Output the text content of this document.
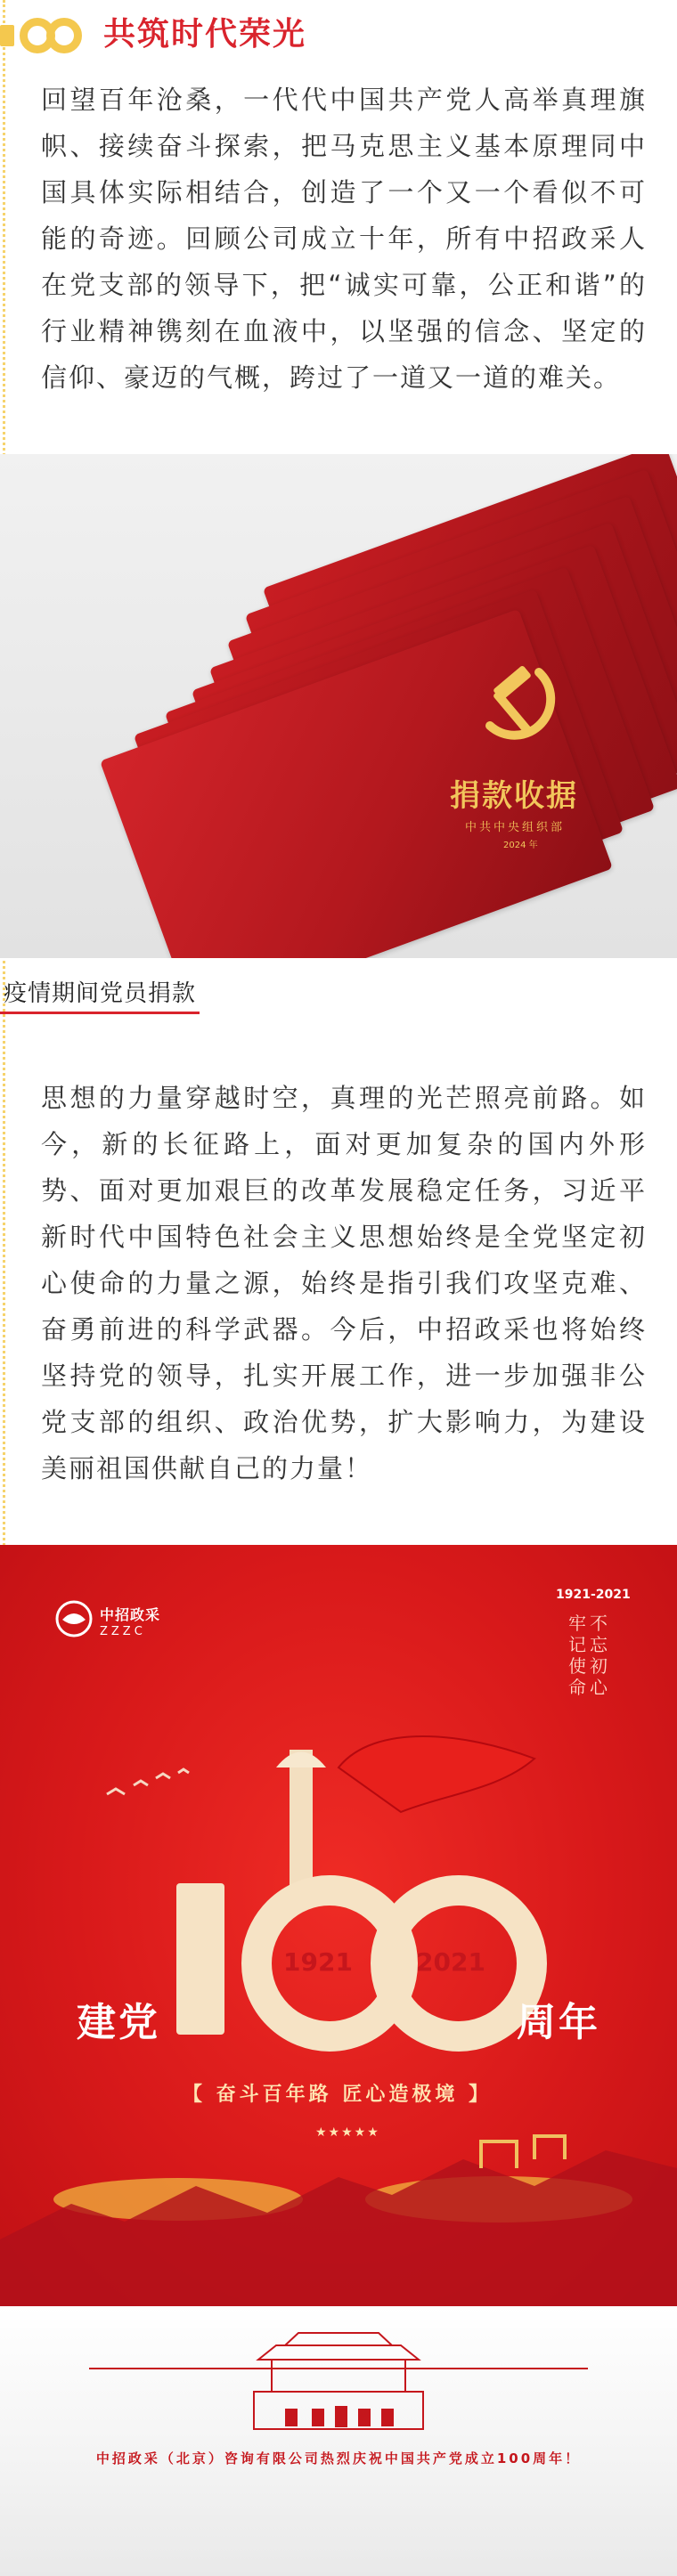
共筑时代荣光

回望百年沧桑，一代代中国共产党人高举真理旗帜、接续奋斗探索，把马克思主义基本原理同中国具体实际相结合，创造了一个又一个看似不可能的奇迹。回顾公司成立十年，所有中招政采人在党支部的领导下，把“诚实可靠，公正和谐”的行业精神镌刻在血液中，以坚强的信念、坚定的信仰、豪迈的气概，跨过了一道又一道的难关。

捐款收据
中共中央组织部
2024 年
疫情期间党员捐款

思想的力量穿越时空，真理的光芒照亮前路。如今，新的长征路上，面对更加复杂的国内外形势、面对更加艰巨的改革发展稳定任务，习近平新时代中国特色社会主义思想始终是全党坚定初心使命的力量之源，始终是指引我们攻坚克难、奋勇前进的科学武器。今后，中招政采也将始终坚持党的领导，扎实开展工作，进一步加强非公党支部的组织、政治优势，扩大影响力，为建设美丽祖国供献自己的力量！

中招政采
ZZZC
1921-2021
牢记使命
不忘初心
建党	周年
1921	2021
【 奋斗百年路 匠心造极境 】
★★★★★
中招政采（北京）咨询有限公司热烈庆祝中国共产党成立100周年！
